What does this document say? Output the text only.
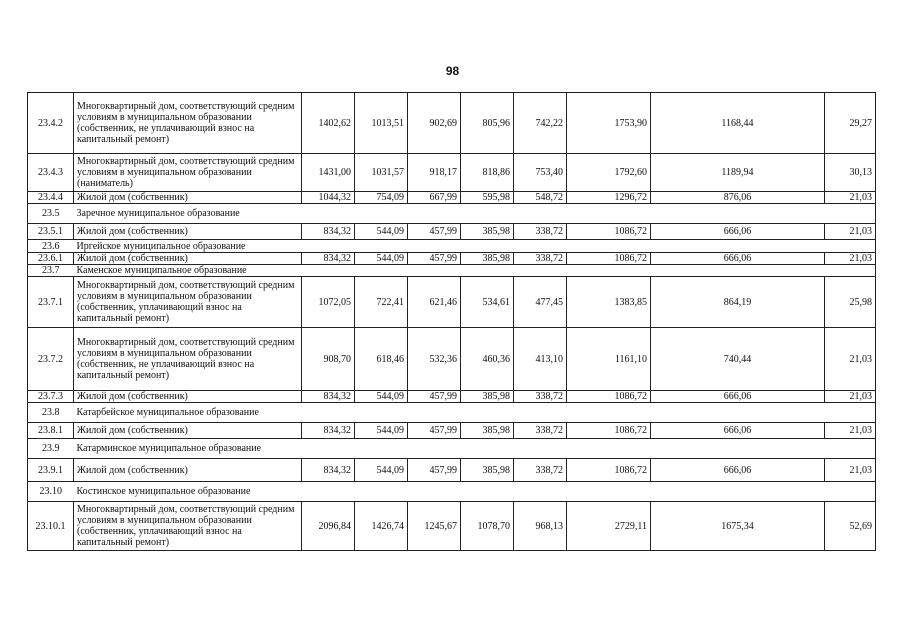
98
23.4.2	Многоквартирный дом, соответствующий средним условиям в муниципальном образовании (собственник, не уплачивающий взнос на капитальный ремонт)	1402,62	1013,51	902,69	805,96	742,22	1753,90	1168,44	29,27
23.4.3	Многоквартирный дом, соответствующий средним условиям в муниципальном образовании (наниматель)	1431,00	1031,57	918,17	818,86	753,40	1792,60	1189,94	30,13
23.4.4	Жилой дом (собственник)	1044,32	754,09	667,99	595,98	548,72	1296,72	876,06	21,03
23.5	Заречное муниципальное образование								
23.5.1	Жилой дом (собственник)	834,32	544,09	457,99	385,98	338,72	1086,72	666,06	21,03
23.6	Иргейское муниципальное образование								
23.6.1	Жилой дом (собственник)	834,32	544,09	457,99	385,98	338,72	1086,72	666,06	21,03
23.7	Каменское муниципальное образование								
23.7.1	Многоквартирный дом, соответствующий средним условиям в муниципальном образовании (собственник, уплачивающий взнос на капитальный ремонт)	1072,05	722,41	621,46	534,61	477,45	1383,85	864,19	25,98
23.7.2	Многоквартирный дом, соответствующий средним условиям в муниципальном образовании (собственник, не уплачивающий взнос на капитальный ремонт)	908,70	618,46	532,36	460,36	413,10	1161,10	740,44	21,03
23.7.3	Жилой дом (собственник)	834,32	544,09	457,99	385,98	338,72	1086,72	666,06	21,03
23.8	Катарбейское муниципальное образование								
23.8.1	Жилой дом (собственник)	834,32	544,09	457,99	385,98	338,72	1086,72	666,06	21,03
23.9	Катарминское муниципальное образование								
23.9.1	Жилой дом (собственник)	834,32	544,09	457,99	385,98	338,72	1086,72	666,06	21,03
23.10	Костинское муниципальное образование								
23.10.1	Многоквартирный дом, соответствующий средним условиям в муниципальном образовании (собственник, уплачивающий взнос на капитальный ремонт)	2096,84	1426,74	1245,67	1078,70	968,13	2729,11	1675,34	52,69
